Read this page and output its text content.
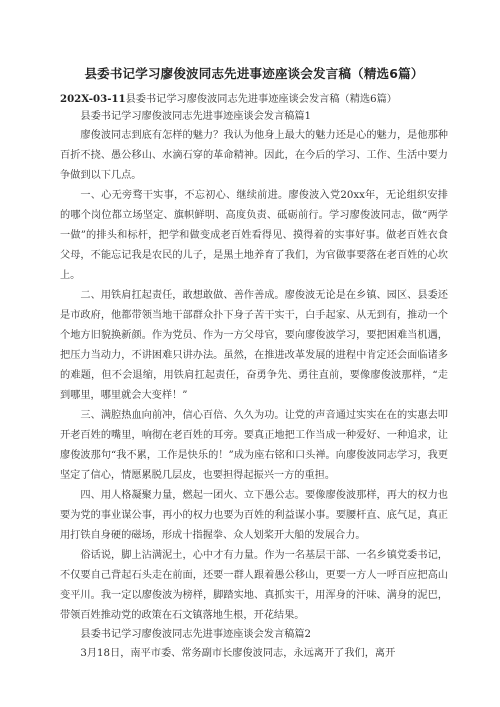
县委书记学习廖俊波同志先进事迹座谈会发言稿（精选6篇）

202X-03-11县委书记学习廖俊波同志先进事迹座谈会发言稿（精选6篇）

县委书记学习廖俊波同志先进事迹座谈会发言稿篇1

廖俊波同志到底有怎样的魅力？我认为他身上最大的魅力还是心的魅力，是他那种百折不挠、愚公移山、水滴石穿的革命精神。因此，在今后的学习、工作、生活中要力争做到以下几点。

一、心无旁骛干实事，不忘初心、继续前进。廖俊波入党20xx年，无论组织安排的哪个岗位都立场坚定、旗帜鲜明、高度负责、砥砺前行。学习廖俊波同志，做“两学一做”的排头和标杆，把学和做变成老百姓看得见、摸得着的实事好事。做老百姓衣食父母，不能忘记我是农民的儿子，是黑土地养育了我们，为官做事要落在老百姓的心坎上。

二、用铁肩扛起责任，敢想敢做、善作善成。廖俊波无论是在乡镇、园区、县委还是市政府，他都带领当地干部群众扑下身子苦干实干，白手起家、从无到有，推动一个个地方旧貌换新颜。作为党员、作为一方父母官，要向廖俊波学习，要把困难当机遇，把压力当动力，不讲困难只讲办法。虽然，在推进改革发展的进程中肯定还会面临诸多的难题，但不会退缩，用铁肩扛起责任，奋勇争先、勇往直前，要像廖俊波那样，“走到哪里，哪里就会大变样！”

三、满腔热血向前冲，信心百倍、久久为功。让党的声音通过实实在在的实惠去叩开老百姓的嘴里，响彻在老百姓的耳旁。要真正地把工作当成一种爱好、一种追求，让廖俊波那句“我不累，工作是快乐的！”成为座右铭和口头禅。向廖俊波同志学习，我更坚定了信心，情愿累脱几层皮，也要担得起振兴一方的重担。

四、用人格凝聚力量，燃起一团火、立下愚公志。要像廖俊波那样，再大的权力也要为党的事业谋公事，再小的权力也要为百姓的利益谋小事。要腰杆直、底气足，真正用打铁自身硬的磁场，形成十指握拳、众人划桨开大船的发展合力。

俗话说，脚上沾满泥土，心中才有力量。作为一名基层干部、一名乡镇党委书记，不仅要自己背起石头走在前面，还要一群人跟着愚公移山，更要一方人一呼百应把高山变平川。我一定以廖俊波为榜样，脚踏实地、真抓实干，用浑身的汗味、满身的泥巴，带领百姓推动党的政策在石文镇落地生根，开花结果。

县委书记学习廖俊波同志先进事迹座谈会发言稿篇2

3月18日，南平市委、常务副市长廖俊波同志，永远离开了我们，离开
